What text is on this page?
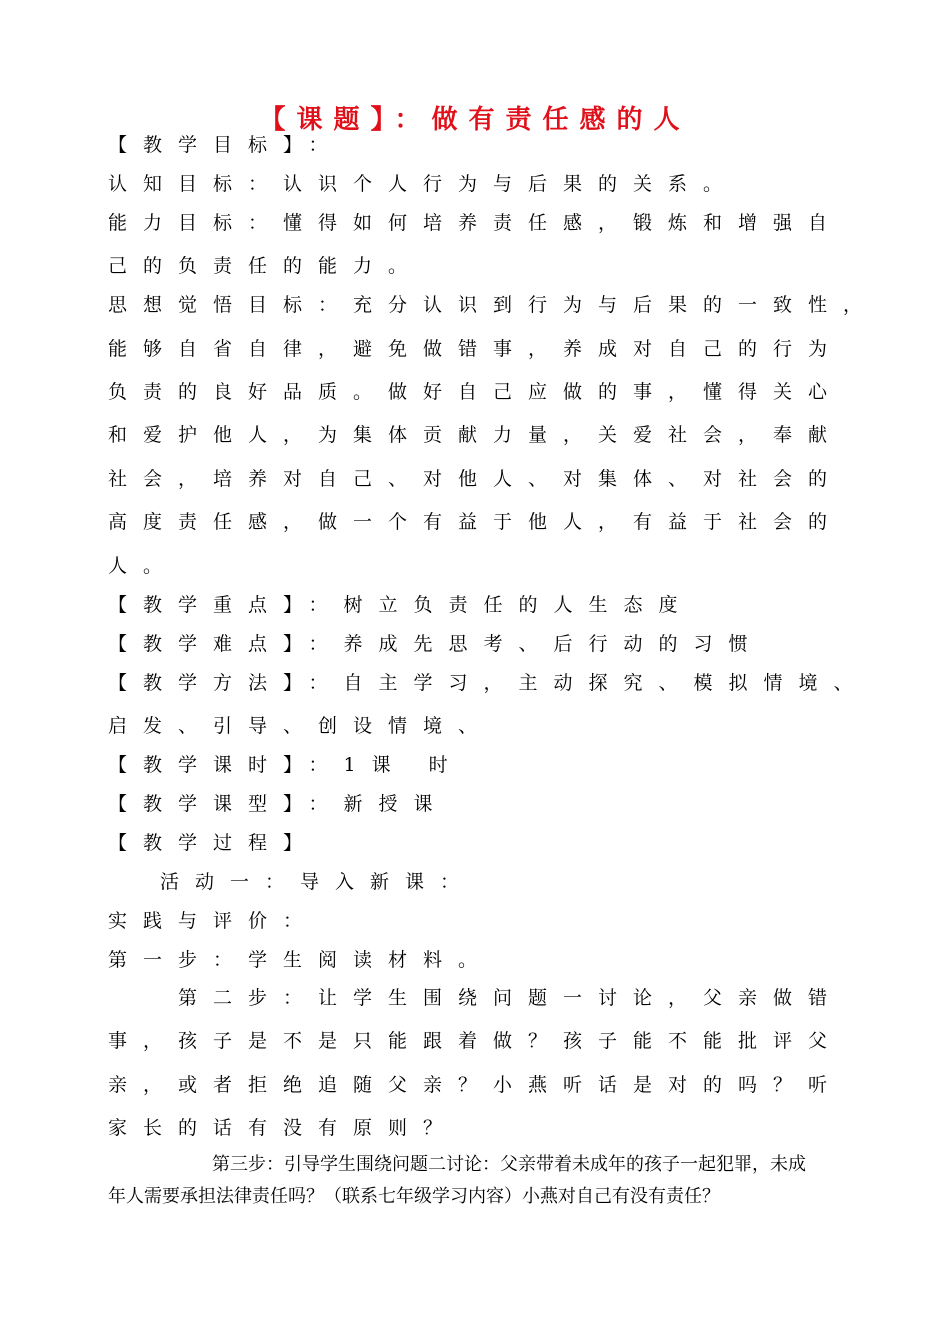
【课题】：做有责任感的人
【教学目标】：
认知目标：认识个人行为与后果的关系。
能力目标：懂得如何培养责任感，锻炼和增强自
己的负责任的能力。
思想觉悟目标：充分认识到行为与后果的一致性，
能够自省自律，避免做错事，养成对自己的行为
负责的良好品质。做好自己应做的事，懂得关心
和爱护他人，为集体贡献力量，关爱社会，奉献
社会，培养对自己、对他人、对集体、对社会的
高度责任感，做一个有益于他人，有益于社会的
人。
【教学重点】：树立负责任的人生态度
【教学难点】：养成先思考、后行动的习惯
【教学方法】：自主学习，主动探究、模拟情境、
启发、引导、创设情境、
【教学课时】：1课 时
【教学课型】：新授课
【教学过程】
活动一：导入新课：
实践与评价：
第一步：学生阅读材料。
第二步：让学生围绕问题一讨论，父亲做错
事，孩子是不是只能跟着做？孩子能不能批评父
亲，或者拒绝追随父亲？小燕听话是对的吗？听
家长的话有没有原则？
第三步：引导学生围绕问题二讨论：父亲带着未成年的孩子一起犯罪，未成
年人需要承担法律责任吗？（联系七年级学习内容）小燕对自己有没有责任？
